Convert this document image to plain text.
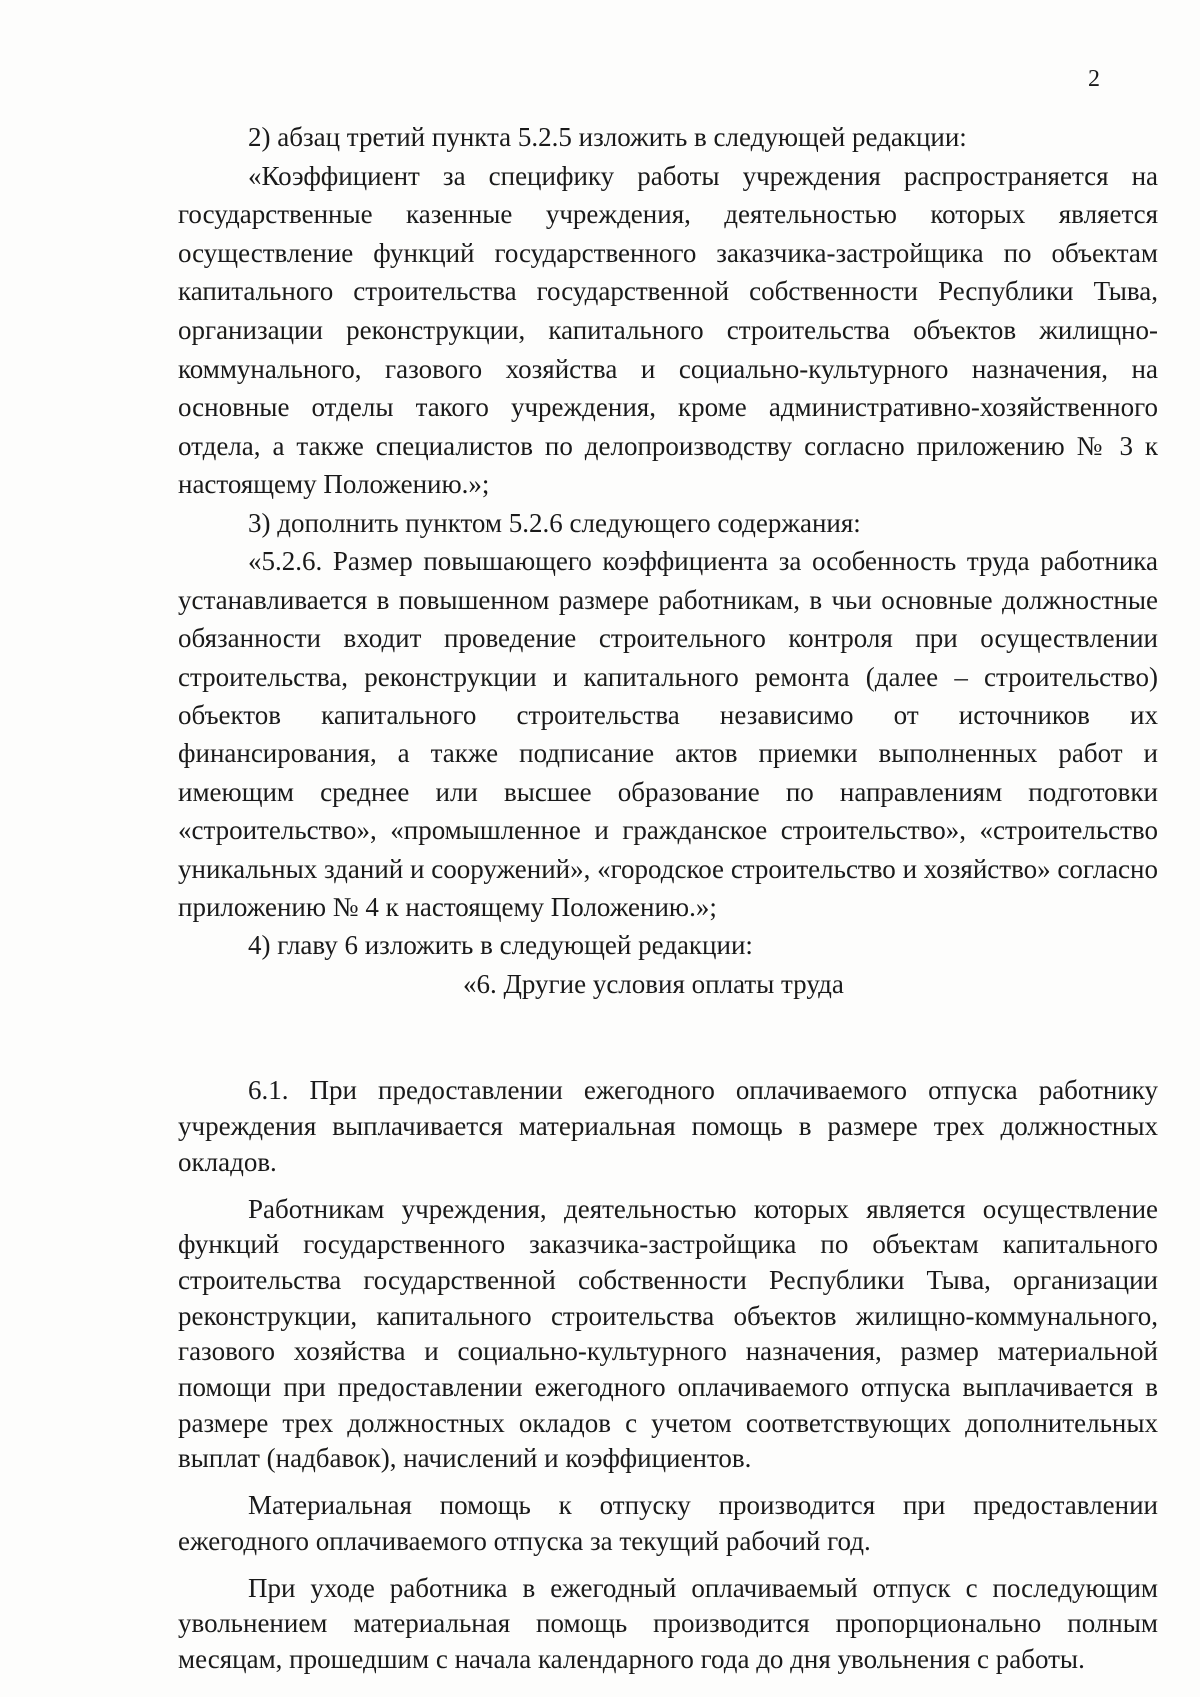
2

2) абзац третий пункта 5.2.5 изложить в следующей редакции:

«Коэффициент за специфику работы учреждения распространяется на государственные казенные учреждения, деятельностью которых является осуществление функций государственного заказчика-застройщика по объектам капитального строительства государственной собственности Республики Тыва, организации реконструкции, капитального строительства объектов жилищно-коммунального, газового хозяйства и социально-культурного назначения, на основные отделы такого учреждения, кроме административно-хозяйственного отдела, а также специалистов по делопроизводству согласно приложению № 3 к настоящему Положению.»;

3) дополнить пунктом 5.2.6 следующего содержания:

«5.2.6. Размер повышающего коэффициента за особенность труда работника устанавливается в повышенном размере работникам, в чьи основные должностные обязанности входит проведение строительного контроля при осуществлении строительства, реконструкции и капитального ремонта (далее – строительство) объектов капитального строительства независимо от источников их финансирования, а также подписание актов приемки выполненных работ и имеющим среднее или высшее образование по направлениям подготовки «строительство», «промышленное и гражданское строительство», «строительство уникальных зданий и сооружений», «городское строительство и хозяйство» согласно приложению № 4 к настоящему Положению.»;

4) главу 6 изложить в следующей редакции:

«6. Другие условия оплаты труда

6.1. При предоставлении ежегодного оплачиваемого отпуска работнику учреждения выплачивается материальная помощь в размере трех должностных окладов.

Работникам учреждения, деятельностью которых является осуществление функций государственного заказчика-застройщика по объектам капитального строительства государственной собственности Республики Тыва, организации реконструкции, капитального строительства объектов жилищно-коммунального, газового хозяйства и социально-культурного назначения, размер материальной помощи при предоставлении ежегодного оплачиваемого отпуска выплачивается в размере трех должностных окладов с учетом соответствующих дополнительных выплат (надбавок), начислений и коэффициентов.

Материальная помощь к отпуску производится при предоставлении ежегодного оплачиваемого отпуска за текущий рабочий год.

При уходе работника в ежегодный оплачиваемый отпуск с последующим увольнением материальная помощь производится пропорционально полным месяцам, прошедшим с начала календарного года до дня увольнения с работы.
